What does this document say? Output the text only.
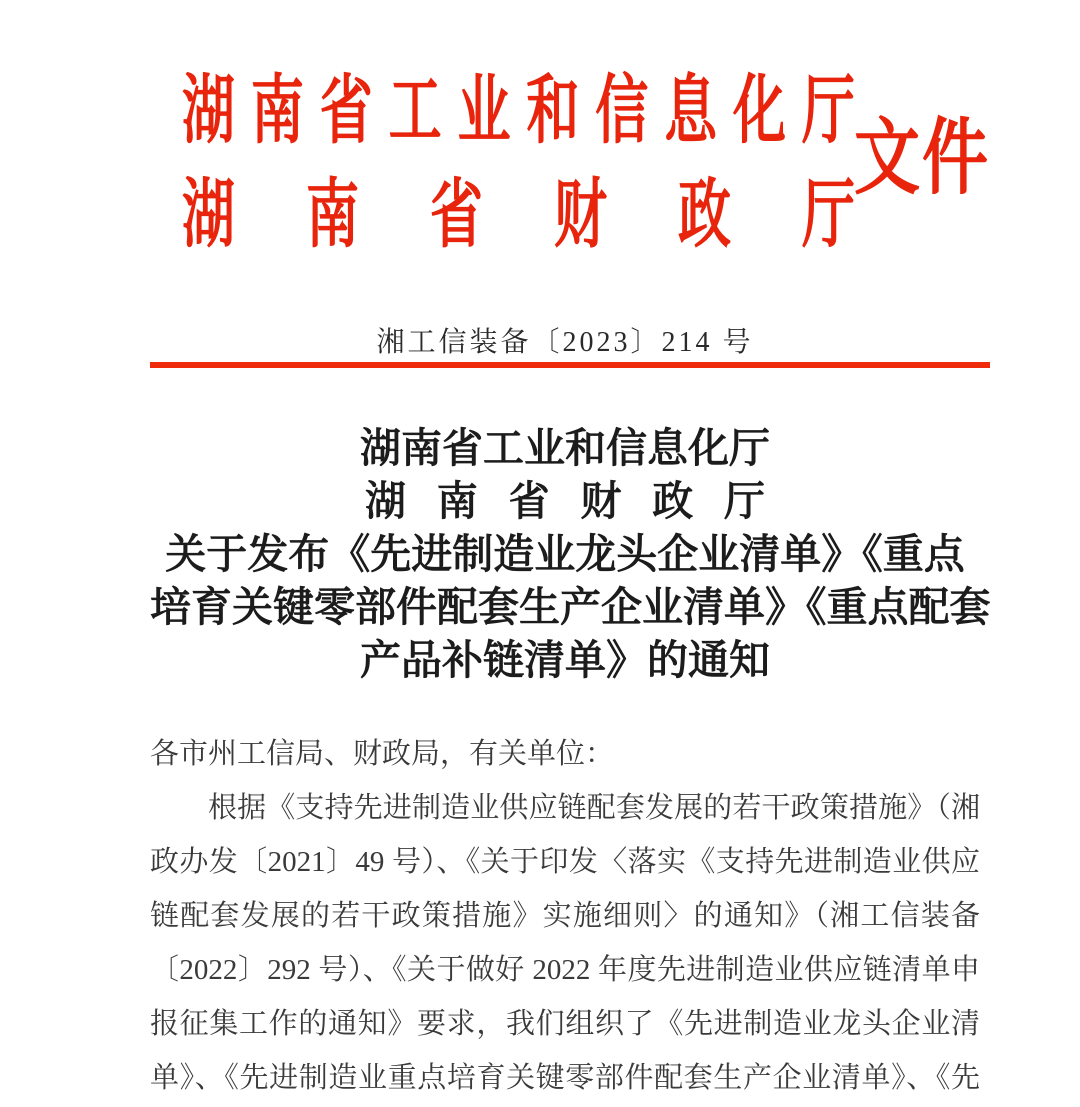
湖 南 省 工 业 和 信 息 化 厅
湖 南 省 财 政 厅
文件
湘工信装备〔2023〕214 号
湖南省工业和信息化厅
湖 南 省 财 政 厅
关于发布《先进制造业龙头企业清单》《重点
培育关键零部件配套生产企业清单》《重点配套
产品补链清单》的通知
各市州工信局、财政局，有关单位：
根据《支持先进制造业供应链配套发展的若干政策措施》（湘
政办发〔2021〕49 号）、《关于印发〈落实《支持先进制造业供应
链配套发展的若干政策措施》实施细则〉的通知》（湘工信装备
〔2022〕292 号）、《关于做好 2022 年度先进制造业供应链清单申
报征集工作的通知》要求，我们组织了《先进制造业龙头企业清
单》、《先进制造业重点培育关键零部件配套生产企业清单》、《先
